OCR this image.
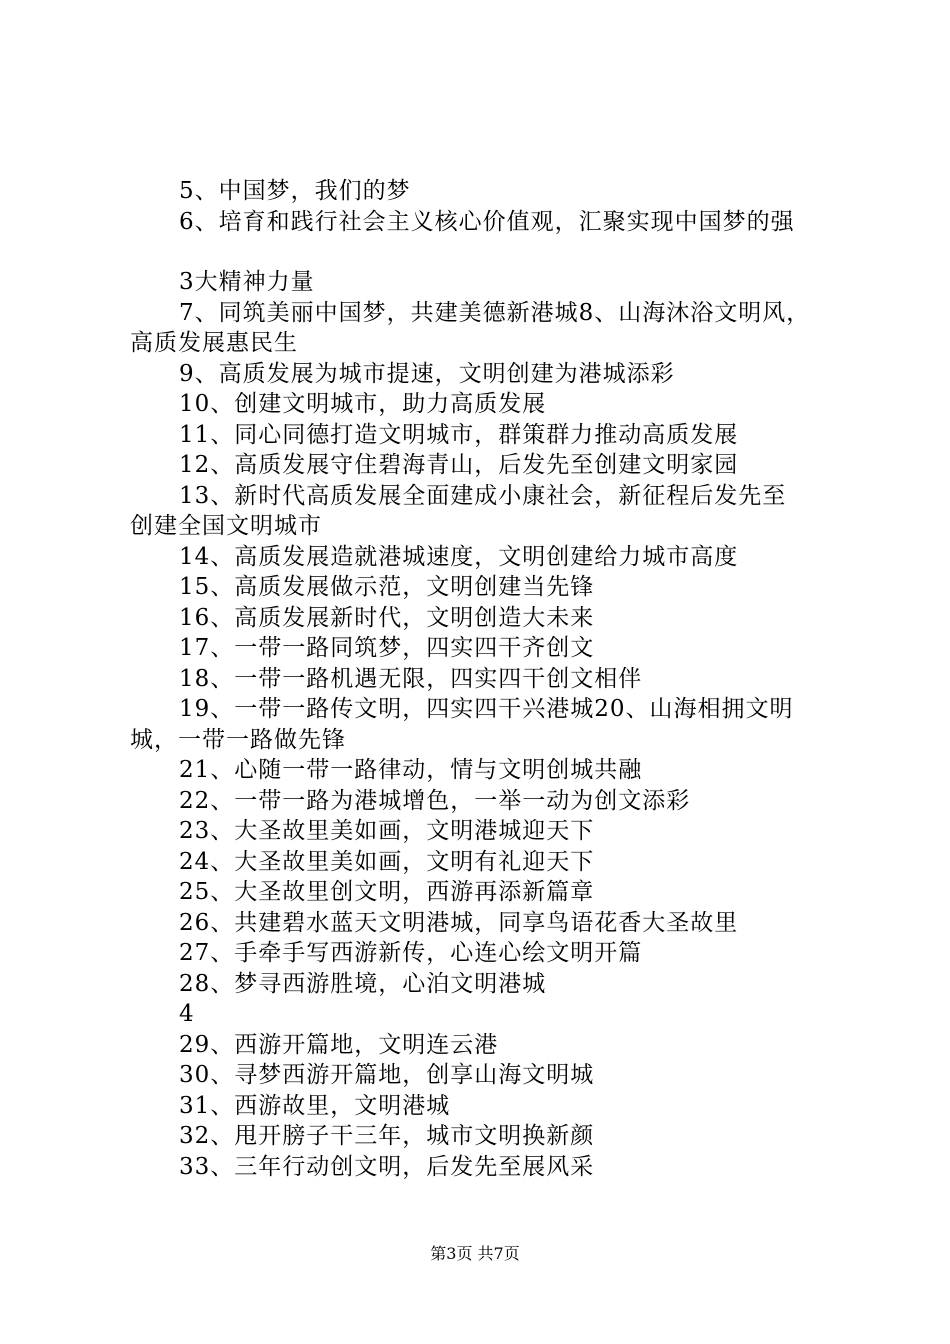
5、中国梦，我们的梦
6、培育和践行社会主义核心价值观，汇聚实现中国梦的强
3大精神力量
7、同筑美丽中国梦，共建美德新港城8、山海沐浴文明风，
高质发展惠民生
9、高质发展为城市提速，文明创建为港城添彩
10、创建文明城市，助力高质发展
11、同心同德打造文明城市，群策群力推动高质发展
12、高质发展守住碧海青山，后发先至创建文明家园
13、新时代高质发展全面建成小康社会，新征程后发先至
创建全国文明城市
14、高质发展造就港城速度，文明创建给力城市高度
15、高质发展做示范，文明创建当先锋
16、高质发展新时代，文明创造大未来
17、一带一路同筑梦，四实四干齐创文
18、一带一路机遇无限，四实四干创文相伴
19、一带一路传文明，四实四干兴港城20、山海相拥文明
城，一带一路做先锋
21、心随一带一路律动，情与文明创城共融
22、一带一路为港城增色，一举一动为创文添彩
23、大圣故里美如画，文明港城迎天下
24、大圣故里美如画，文明有礼迎天下
25、大圣故里创文明，西游再添新篇章
26、共建碧水蓝天文明港城，同享鸟语花香大圣故里
27、手牵手写西游新传，心连心绘文明开篇
28、梦寻西游胜境，心泊文明港城
4
29、西游开篇地，文明连云港
30、寻梦西游开篇地，创享山海文明城
31、西游故里，文明港城
32、甩开膀子干三年，城市文明换新颜
33、三年行动创文明，后发先至展风采
第3页 共7页
